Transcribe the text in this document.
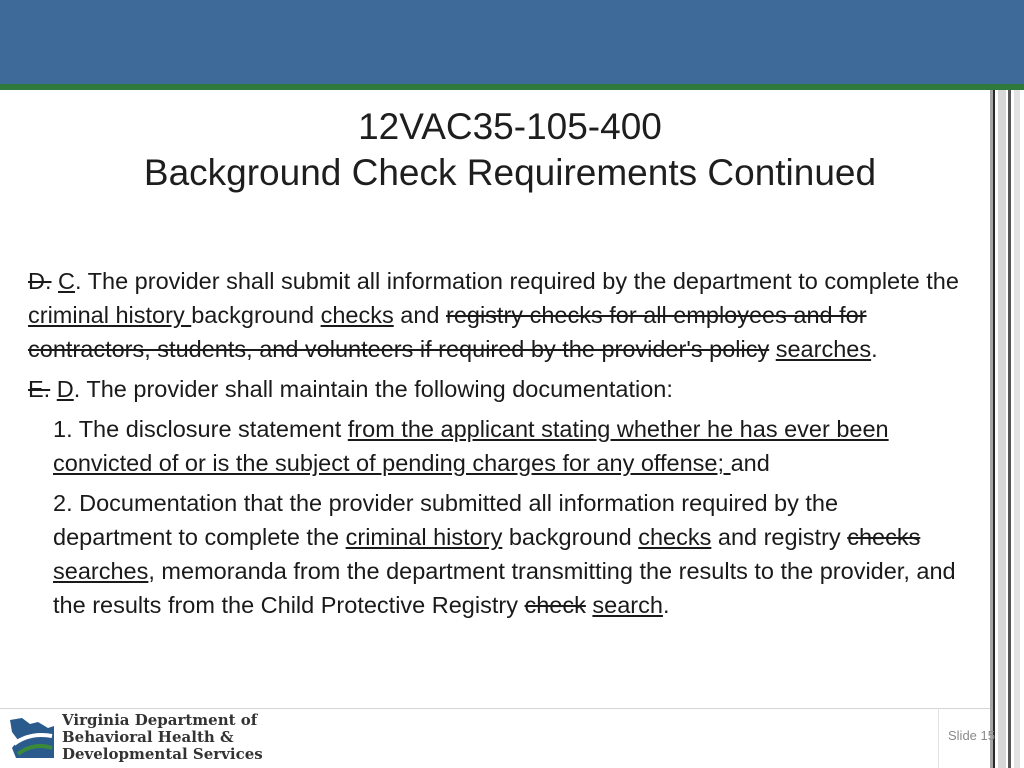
12VAC35-105-400
Background Check Requirements Continued
D. C. The provider shall submit all information required by the department to complete the criminal history background checks and registry checks for all employees and for contractors, students, and volunteers if required by the provider's policy searches.
E. D. The provider shall maintain the following documentation:
1. The disclosure statement from the applicant stating whether he has ever been convicted of or is the subject of pending charges for any offense; and
2. Documentation that the provider submitted all information required by the department to complete the criminal history background checks and registry checks searches, memoranda from the department transmitting the results to the provider, and the results from the Child Protective Registry check search.
Virginia Department of
Behavioral Health &
Developmental Services
Slide 15
